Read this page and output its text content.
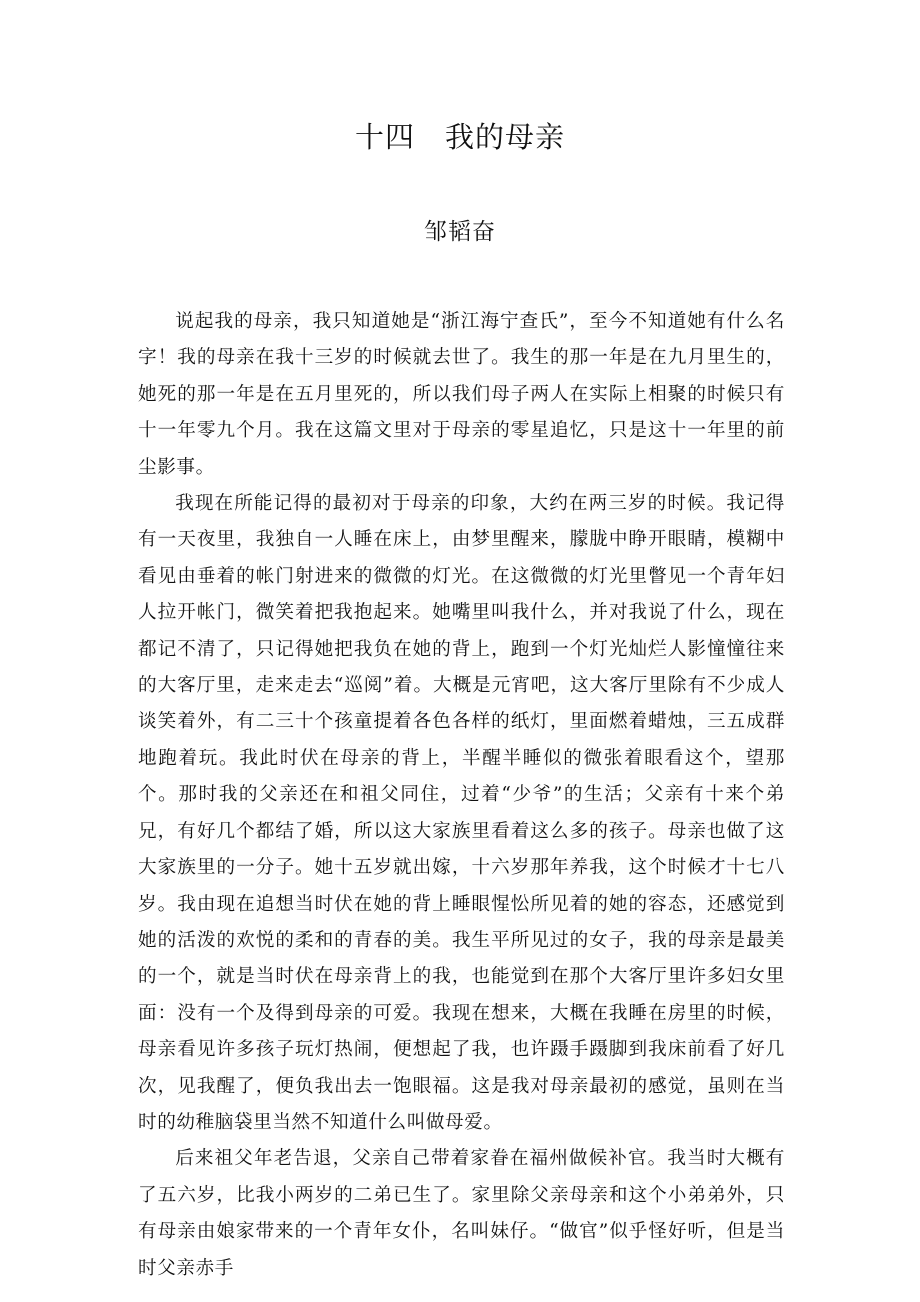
十四　我的母亲
邹韬奋

说起我的母亲，我只知道她是“浙江海宁查氏”，至今不知道她有什么名字！我的母亲在我十三岁的时候就去世了。我生的那一年是在九月里生的，她死的那一年是在五月里死的，所以我们母子两人在实际上相聚的时候只有十一年零九个月。我在这篇文里对于母亲的零星追忆，只是这十一年里的前尘影事。

我现在所能记得的最初对于母亲的印象，大约在两三岁的时候。我记得有一天夜里，我独自一人睡在床上，由梦里醒来，朦胧中睁开眼睛，模糊中看见由垂着的帐门射进来的微微的灯光。在这微微的灯光里瞥见一个青年妇人拉开帐门，微笑着把我抱起来。她嘴里叫我什么，并对我说了什么，现在都记不清了，只记得她把我负在她的背上，跑到一个灯光灿烂人影憧憧往来的大客厅里，走来走去“巡阅”着。大概是元宵吧，这大客厅里除有不少成人谈笑着外，有二三十个孩童提着各色各样的纸灯，里面燃着蜡烛，三五成群地跑着玩。我此时伏在母亲的背上，半醒半睡似的微张着眼看这个，望那个。那时我的父亲还在和祖父同住，过着“少爷”的生活；父亲有十来个弟兄，有好几个都结了婚，所以这大家族里看着这么多的孩子。母亲也做了这大家族里的一分子。她十五岁就出嫁，十六岁那年养我，这个时候才十七八岁。我由现在追想当时伏在她的背上睡眼惺忪所见着的她的容态，还感觉到她的活泼的欢悦的柔和的青春的美。我生平所见过的女子，我的母亲是最美的一个，就是当时伏在母亲背上的我，也能觉到在那个大客厅里许多妇女里面：没有一个及得到母亲的可爱。我现在想来，大概在我睡在房里的时候，母亲看见许多孩子玩灯热闹，便想起了我，也许蹑手蹑脚到我床前看了好几次，见我醒了，便负我出去一饱眼福。这是我对母亲最初的感觉，虽则在当时的幼稚脑袋里当然不知道什么叫做母爱。

后来祖父年老告退，父亲自己带着家眷在福州做候补官。我当时大概有了五六岁，比我小两岁的二弟已生了。家里除父亲母亲和这个小弟弟外，只有母亲由娘家带来的一个青年女仆，名叫妹仔。“做官”似乎怪好听，但是当时父亲赤手
